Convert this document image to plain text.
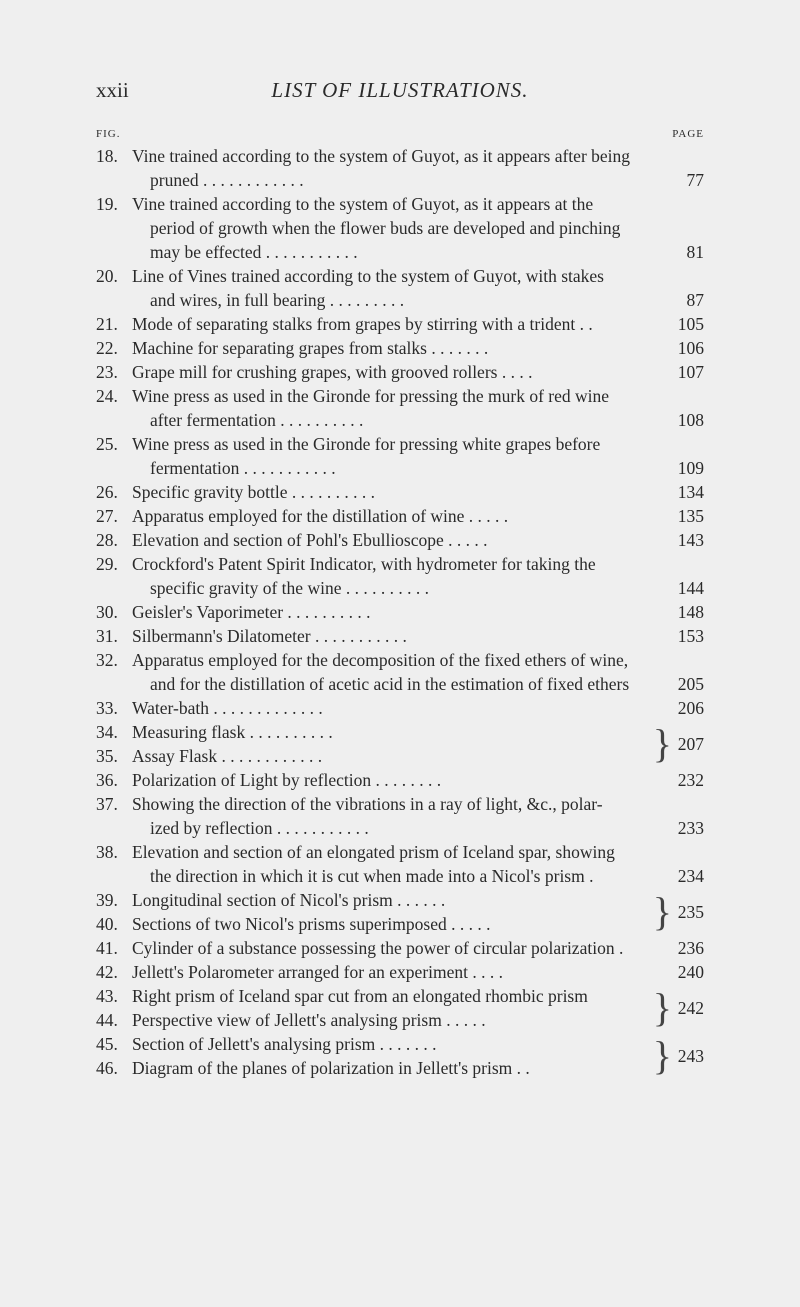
xxii	LIST OF ILLUSTRATIONS.
FIG.	PAGE
18. Vine trained according to the system of Guyot, as it appears after being
pruned . . . . . . . . . . . .	77
19. Vine trained according to the system of Guyot, as it appears at the
period of growth when the flower buds are developed and pinching
may be effected . . . . . . . . . . .	81
20. Line of Vines trained according to the system of Guyot, with stakes
and wires, in full bearing . . . . . . . . .	87
21. Mode of separating stalks from grapes by stirring with a trident . .	105
22. Machine for separating grapes from stalks . . . . . . .	106
23. Grape mill for crushing grapes, with grooved rollers . . . .	107
24. Wine press as used in the Gironde for pressing the murk of red wine
after fermentation . . . . . . . . . .	108
25. Wine press as used in the Gironde for pressing white grapes before
fermentation . . . . . . . . . . .	109
26. Specific gravity bottle . . . . . . . . . .	134
27. Apparatus employed for the distillation of wine . . . . .	135
28. Elevation and section of Pohl's Ebullioscope . . . . .	143
29. Crockford's Patent Spirit Indicator, with hydrometer for taking the
specific gravity of the wine . . . . . . . . . .	144
30. Geisler's Vaporimeter . . . . . . . . . .	148
31. Silbermann's Dilatometer . . . . . . . . . . .	153
32. Apparatus employed for the decomposition of the fixed ethers of wine,
and for the distillation of acetic acid in the estimation of fixed ethers	205
33. Water-bath . . . . . . . . . . . . .	206
34. Measuring flask . . . . . . . . . .	} 207
35. Assay Flask . . . . . . . . . . . .
36. Polarization of Light by reflection . . . . . . . .	232
37. Showing the direction of the vibrations in a ray of light, &c., polar-
ized by reflection . . . . . . . . . . .	233
38. Elevation and section of an elongated prism of Iceland spar, showing
the direction in which it is cut when made into a Nicol's prism .	234
39. Longitudinal section of Nicol's prism . . . . . .	} 235
40. Sections of two Nicol's prisms superimposed . . . . .
41. Cylinder of a substance possessing the power of circular polarization .	236
42. Jellett's Polarometer arranged for an experiment . . . .	240
43. Right prism of Iceland spar cut from an elongated rhombic prism	} 242
44. Perspective view of Jellett's analysing prism . . . . .
45. Section of Jellett's analysing prism . . . . . . .	} 243
46. Diagram of the planes of polarization in Jellett's prism . .
